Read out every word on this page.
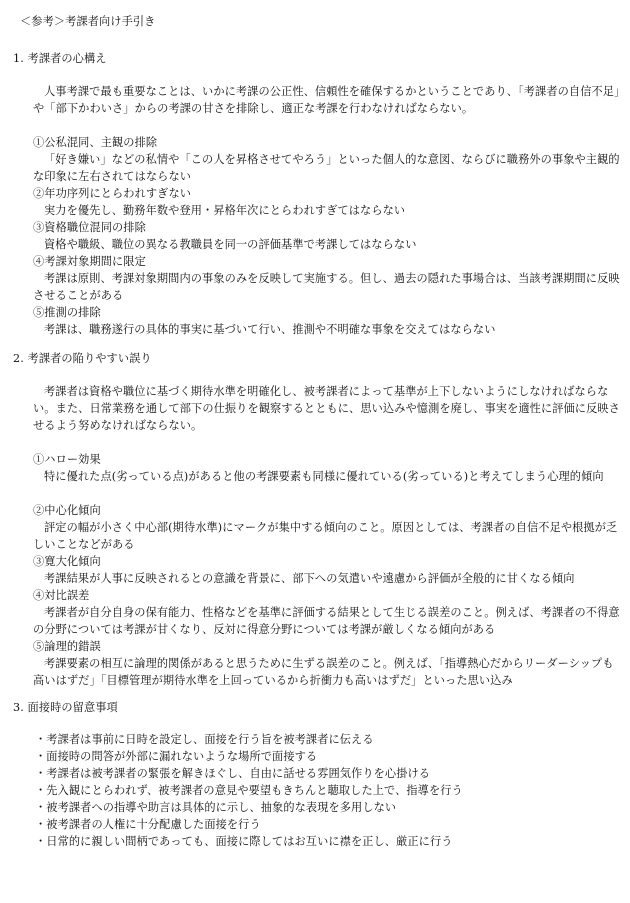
＜参考＞考課者向け手引き
1. 考課者の心構え
人事考課で最も重要なことは、いかに考課の公正性、信頼性を確保するかということであり、「考課者の自信不足」や「部下かわいさ」からの考課の甘さを排除し、適正な考課を行わなければならない。
①公私混同、主観の排除
「好き嫌い」などの私情や「この人を昇格させてやろう」といった個人的な意図、ならびに職務外の事象や主観的な印象に左右されてはならない
②年功序列にとらわれすぎない
実力を優先し、勤務年数や登用・昇格年次にとらわれすぎてはならない
③資格職位混同の排除
資格や職級、職位の異なる教職員を同一の評価基準で考課してはならない
④考課対象期間に限定
考課は原則、考課対象期間内の事象のみを反映して実施する。但し、過去の隠れた事場合は、当該考課期間に反映させることがある
⑤推測の排除
考課は、職務遂行の具体的事実に基づいて行い、推測や不明確な事象を交えてはならない
2. 考課者の陥りやすい誤り
考課者は資格や職位に基づく期待水準を明確化し、被考課者によって基準が上下しないようにしなければならない。また、日常業務を通して部下の仕振りを観察するとともに、思い込みや憶測を廃し、事実を適性に評価に反映させるよう努めなければならない。
①ハロー効果
特に優れた点(劣っている点)があると他の考課要素も同様に優れている(劣っている)と考えてしまう心理的傾向
②中心化傾向
評定の幅が小さく中心部(期待水準)にマークが集中する傾向のこと。原因としては、考課者の自信不足や根拠が乏しいことなどがある
③寛大化傾向
考課結果が人事に反映されるとの意識を背景に、部下への気遣いや遠慮から評価が全般的に甘くなる傾向
④対比誤差
考課者が自分自身の保有能力、性格などを基準に評価する結果として生じる誤差のこと。例えば、考課者の不得意の分野については考課が甘くなり、反対に得意分野については考課が厳しくなる傾向がある
⑤論理的錯誤
考課要素の相互に論理的関係があると思うために生ずる誤差のこと。例えば、「指導熱心だからリーダーシップも高いはずだ」「目標管理が期待水準を上回っているから折衝力も高いはずだ」といった思い込み
3. 面接時の留意事項
・考課者は事前に日時を設定し、面接を行う旨を被考課者に伝える
・面接時の問答が外部に漏れないような場所で面接する
・考課者は被考課者の緊張を解きほぐし、自由に話せる雰囲気作りを心掛ける
・先入観にとらわれず、被考課者の意見や要望もきちんと聴取した上で、指導を行う
・被考課者への指導や助言は具体的に示し、抽象的な表現を多用しない
・被考課者の人権に十分配慮した面接を行う
・日常的に親しい間柄であっても、面接に際してはお互いに襟を正し、厳正に行う
